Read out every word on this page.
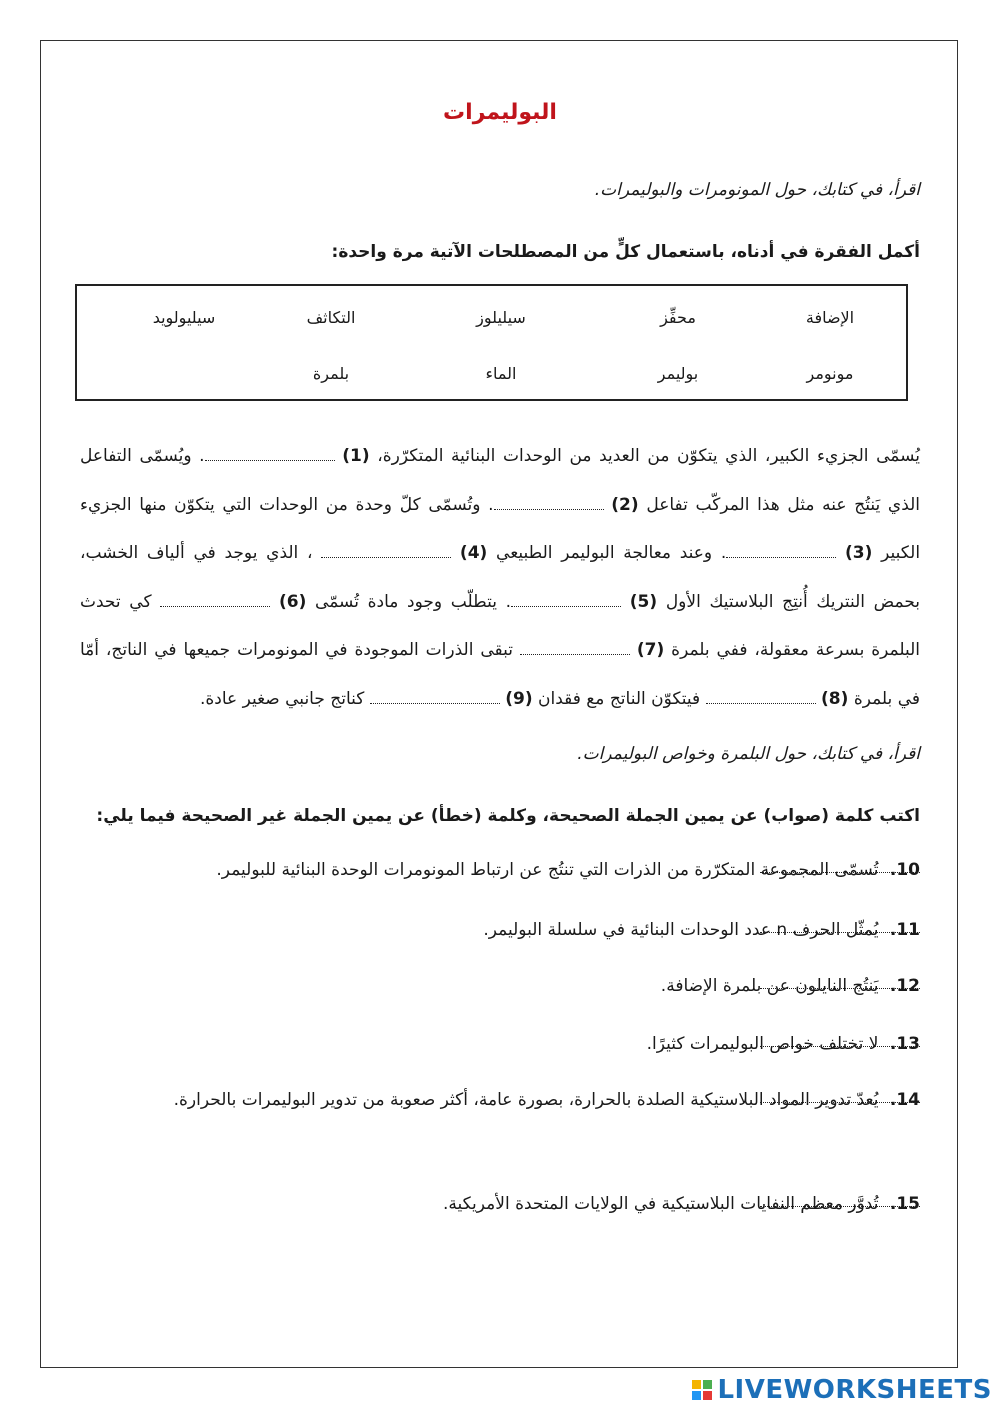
البوليمرات
اقرأ، في كتابك، حول المونومرات والبوليمرات.
أكمل الفقرة في أدناه، باستعمال كلٍّ من المصطلحات الآتية مرة واحدة:
الإضافة
محفِّز
سيليلوز
التكاثف
سيليولويد
مونومر
بوليمر
الماء
بلمرة
يُسمّى الجزيء الكبير، الذي يتكوّن من العديد من الوحدات البنائية المتكرّرة، (1) . ويُسمّى التفاعل الذي يَنتُج عنه مثل هذا المركّب تفاعل (2) . وتُسمّى كلّ وحدة من الوحدات التي يتكوّن منها الجزيء الكبير (3) . وعند معالجة البوليمر الطبيعي (4)  ، الذي يوجد في ألياف الخشب، بحمض النتريك أُنتِج البلاستيك الأول (5) . يتطلّب وجود مادة تُسمّى (6)  كي تحدث البلمرة بسرعة معقولة، ففي بلمرة (7)  تبقى الذرات الموجودة في المونومرات جميعها في الناتج، أمّا في بلمرة (8)  فيتكوّن الناتج مع فقدان (9)  كناتج جانبي صغير عادة.
اقرأ، في كتابك، حول البلمرة وخواص البوليمرات.
اكتب كلمة (صواب) عن يمين الجملة الصحيحة، وكلمة (خطأ) عن يمين الجملة غير الصحيحة فيما يلي:
10. تُسمّى المجموعة المتكرّرة من الذرات التي تنتُج عن ارتباط المونومرات الوحدة البنائية للبوليمر.
11. يُمثّل الحرف n عدد الوحدات البنائية في سلسلة البوليمر.
12. يَنتُج النايلون عن بلمرة الإضافة.
13. لا تختلف خواص البوليمرات كثيرًا.
14. يُعدّ تدوير المواد البلاستيكية الصلدة بالحرارة، بصورة عامة، أكثر صعوبة من تدوير البوليمرات بالحرارة.
15. تُدوَّر معظم النفايات البلاستيكية في الولايات المتحدة الأمريكية.
LIVEWORKSHEETS
